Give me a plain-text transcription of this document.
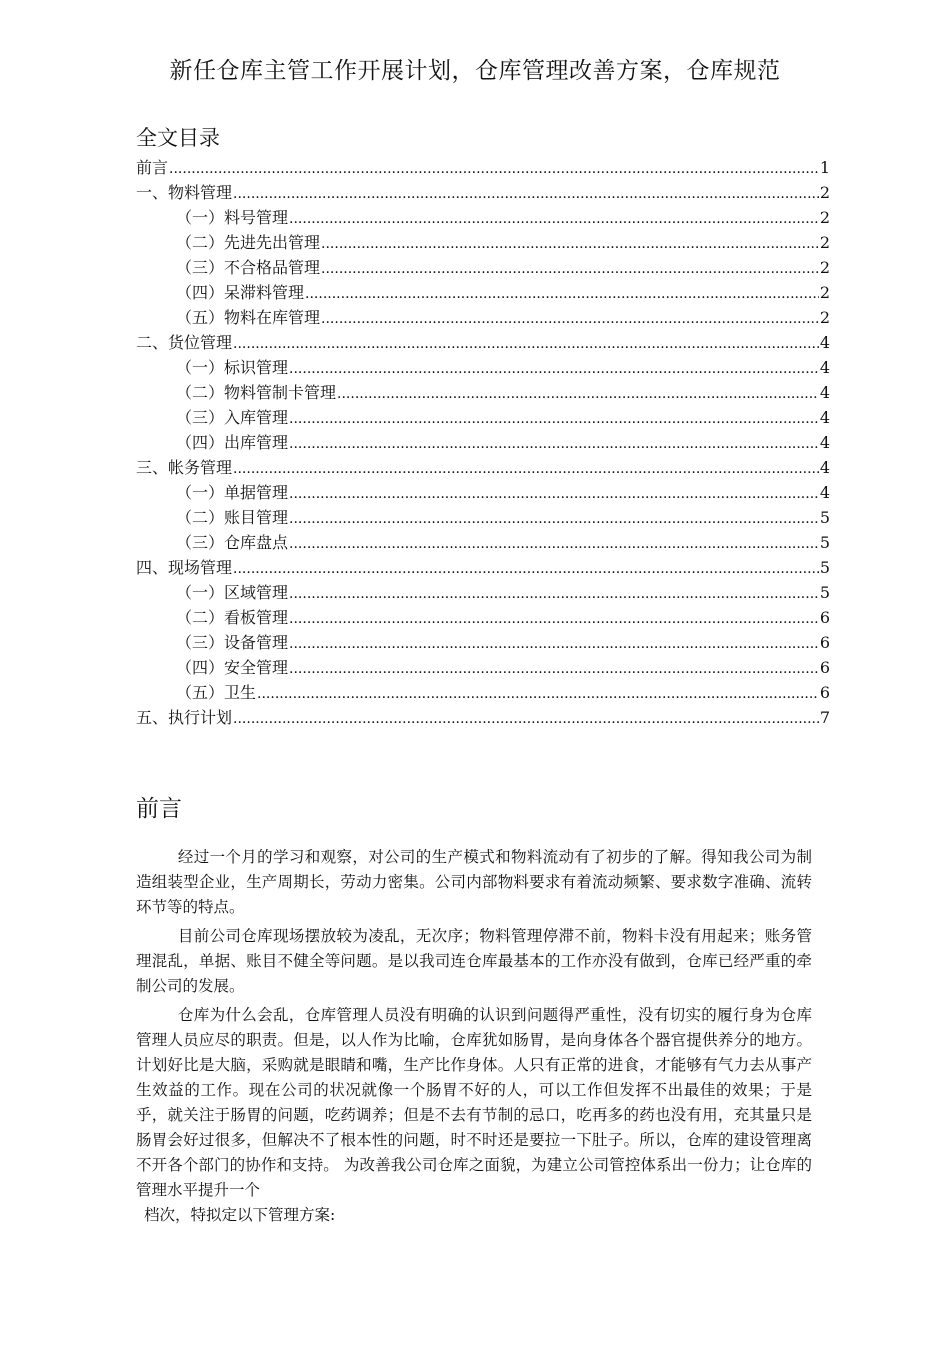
新任仓库主管工作开展计划，仓库管理改善方案，仓库规范
全文目录
前言 .....	1
一、物料管理 .....	2
（一）料号管理 .....	2
（二）先进先出管理 .....	2
（三）不合格品管理 .....	2
（四）呆滞料管理 .....	2
（五）物料在库管理 .....	2
二、货位管理 .....	4
（一）标识管理 .....	4
（二）物料管制卡管理 .....	4
（三）入库管理 .....	4
（四）出库管理 .....	4
三、帐务管理 .....	4
（一）单据管理 .....	4
（二）账目管理 .....	5
（三）仓库盘点 .....	5
四、现场管理 .....	5
（一）区域管理 .....	5
（二）看板管理 .....	6
（三）设备管理 .....	6
（四）安全管理 .....	6
（五）卫生 .....	6
五、执行计划 .....	7
前言

经过一个月的学习和观察，对公司的生产模式和物料流动有了初步的了解。得知我公司为制造组装型企业，生产周期长，劳动力密集。公司内部物料要求有着流动频繁、要求数字准确、流转环节等的特点。

目前公司仓库现场摆放较为凌乱，无次序；物料管理停滞不前，物料卡没有用起来；账务管理混乱，单据、账目不健全等问题。是以我司连仓库最基本的工作亦没有做到，仓库已经严重的牵制公司的发展。

仓库为什么会乱，仓库管理人员没有明确的认识到问题得严重性，没有切实的履行身为仓库管理人员应尽的职责。但是，以人作为比喻，仓库犹如肠胃，是向身体各个器官提供养分的地方。计划好比是大脑，采购就是眼睛和嘴，生产比作身体。人只有正常的进食，才能够有气力去从事产生效益的工作。现在公司的状况就像一个肠胃不好的人，可以工作但发挥不出最佳的效果；于是乎，就关注于肠胃的问题，吃药调养；但是不去有节制的忌口，吃再多的药也没有用，充其量只是肠胃会好过很多，但解决不了根本性的问题，时不时还是要拉一下肚子。所以，仓库的建设管理离不开各个部门的协作和支持。 为改善我公司仓库之面貌，为建立公司管控体系出一份力；让仓库的管理水平提升一个

档次，特拟定以下管理方案:
